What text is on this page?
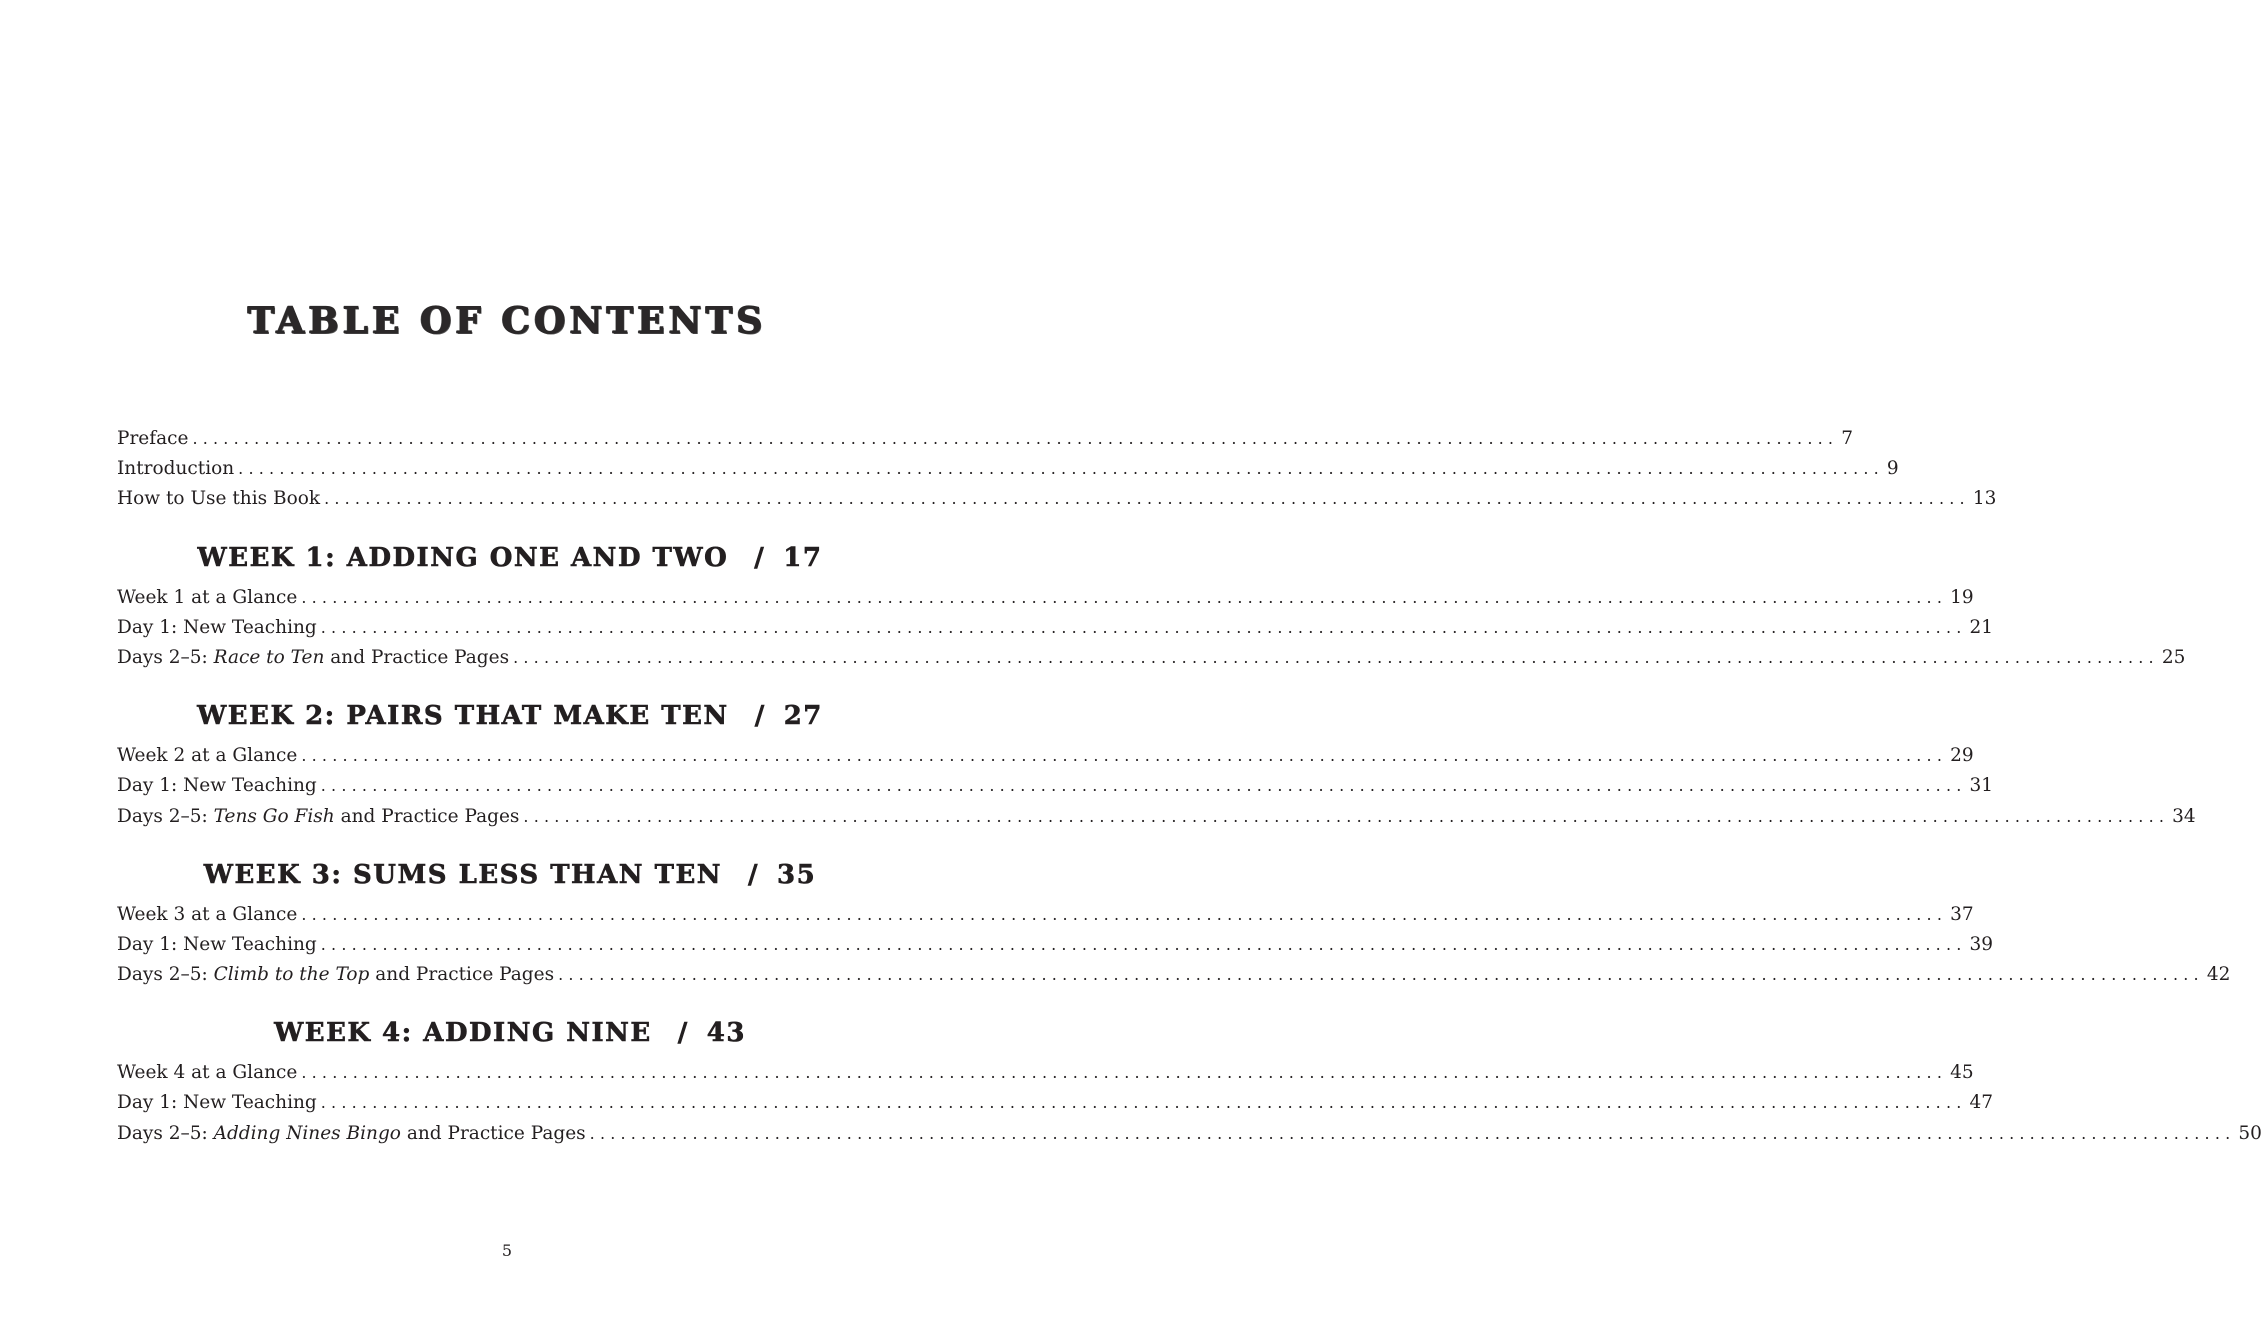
TABLE OF CONTENTS
Preface ................................................................................................................................................................ 7
Introduction ................................................................................................................................................................ 9
How to Use this Book ................................................................................................................................................................ 13
WEEK 1: ADDING ONE AND TWO / 17
Week 1 at a Glance ................................................................................................................................................................ 19
Day 1: New Teaching ................................................................................................................................................................ 21
Days 2–5: Race to Ten and Practice Pages ................................................................................................................................................................ 25
WEEK 2: PAIRS THAT MAKE TEN / 27
Week 2 at a Glance ................................................................................................................................................................ 29
Day 1: New Teaching ................................................................................................................................................................ 31
Days 2–5: Tens Go Fish and Practice Pages ................................................................................................................................................................ 34
WEEK 3: SUMS LESS THAN TEN / 35
Week 3 at a Glance ................................................................................................................................................................ 37
Day 1: New Teaching ................................................................................................................................................................ 39
Days 2–5: Climb to the Top and Practice Pages ................................................................................................................................................................ 42
WEEK 4: ADDING NINE / 43
Week 4 at a Glance ................................................................................................................................................................ 45
Day 1: New Teaching ................................................................................................................................................................ 47
Days 2–5: Adding Nines Bingo and Practice Pages ................................................................................................................................................................ 50
5
